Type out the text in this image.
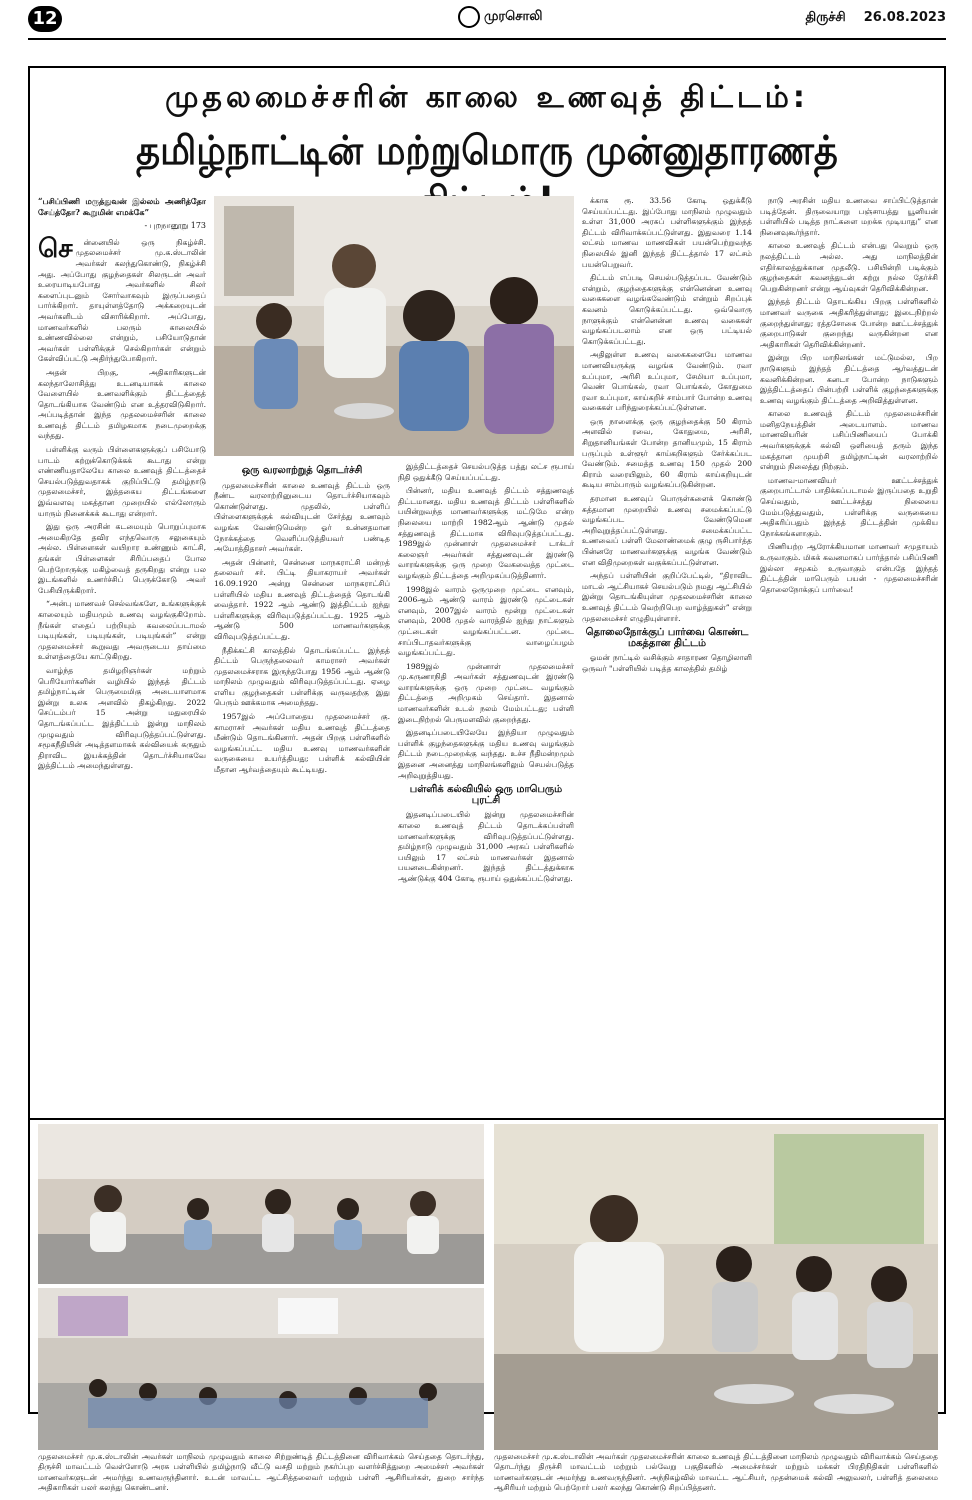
12	முரசொலி	திருச்சி 26.08.2023
முதலமைச்சரின் காலை உணவுத் திட்டம்:
தமிழ்நாட்டின் மற்றுமொரு முன்னுதாரணத்
“பசிப்பிணி மருத்துவன் இல்லம் அணித்தோ சேய்த்தோ? கூறுமின் எமக்கே”
- புறநானூறு 173
செ	ன்னையில் ஒரு நிகழ்ச்சி. முதலமைச்சர் மு.க.ஸ்டாலின் அவர்கள் கலந்துகொண்டு, நிகழ்ச்சி அது. அப்போது குழந்தைகள் சிலருடன் அவர் உரையாடியபோது அவர்களில் சிலர் களைப்புடனும் சோர்வாகவும் இருப்பதைப் பார்க்கிறார். தாயுள்ளத்தோடு அக்கறையுடன் அவர்களிடம் விசாரிக்கிறார். அப்போது, மாணவர்களில் பலரும் காலையில் உண்ணவில்லை என்றும், பசியோடுதான் அவர்கள் பள்ளிக்குச் செல்கிறார்கள் என்றும் கேள்விப்பட்டு அதிர்ந்துபோகிறார்.

அதன் பிறகு, அதிகாரிகளுடன் கலந்தாலோசித்து உடனடியாகக் காலை வேளையில் உணவளிக்கும் திட்டத்தைத் தொடங்கியாக வேண்டும் என உத்தரவிடுகிறார். அப்படித்தான் இந்த முதலமைச்சரின் காலை உணவுத் திட்டம் தமிழகமாக நடைமுறைக்கு வந்தது.

பள்ளிக்கு வரும் பிள்ளைகளுக்குப் பசியோடு பாடம் கற்றுக்கொடுக்கக் கூடாது என்று எண்ணியதாலேயே காலை உணவுத் திட்டத்தைச் செயல்படுத்துவதாகக் குறிப்பிட்டு தமிழ்நாடு முதலமைச்சர், இத்தகைய திட்டங்களை இவ்வளவு மகத்தான முறையில் எல்லோரும் யாரும் நினைக்கக் கூடாது என்றார்.

இது ஒரு அரசின் கடமையும் பொறுப்புமாக அமைகிறதே தவிர எந்தவொரு சலுகையும் அல்ல. பிள்ளைகள் வயிறார உண்ணும் காட்சி, தங்கள் பிள்ளைகள் சிரிப்பதைப் போல பெற்றோருக்கு மகிழ்வைத் தருகிறது என்று பல இடங்களில் உணர்ச்சிப் பெருக்கோடு அவர் பேசியிருக்கிறார்.

“அன்பு மாணவச் செல்வங்களே, உங்களுக்குக் காலையும் மதியமும் உணவு வழங்குகிறோம். நீங்கள் எதைப் பற்றியும் கவலைப்படாமல் படியுங்கள், படியுங்கள், படியுங்கள்” என்று முதலமைச்சர் கூறுவது அவருடைய தாய்மை உள்ளத்தையே காட்டுகிறது.

வாழ்ந்த தமிழறிஞர்கள் மற்றும் பெரியோர்களின் வழியில் இந்தத் திட்டம் தமிழ்நாட்டின் பெருமைமிகு அடையாளமாக இன்று உலக அளவில் திகழ்கிறது. 2022 செப்டம்பர் 15 அன்று மதுரையில் தொடங்கப்பட்ட இத்திட்டம் இன்று மாநிலம் முழுவதும் விரிவுபடுத்தப்பட்டுள்ளது. சமூகநீதியின் அடித்தளமாகக் கல்வியைக் கருதும் திராவிட இயக்கத்தின் தொடர்ச்சியாகவே இத்திட்டம் அமைந்துள்ளது.

ஒரு வரலாற்றுத் தொடர்ச்சி

முதலமைச்சரின் காலை உணவுத் திட்டம் ஒரு நீண்ட வரலாற்றினுடைய தொடர்ச்சியாகவும் கொண்டுள்ளது. முதலில், பள்ளிப் பிள்ளைகளுக்குக் கல்வியுடன் சேர்த்து உணவும் வழங்க வேண்டுமென்ற ஓர் உன்னதமான நோக்கத்தை வெளிப்படுத்தியவர் பண்டித அயோத்திதாசர் அவர்கள்.

அதன் பின்னர், சென்னை மாநகராட்சி மன்றத் தலைவர் சர். பிட்டி தியாகராயர் அவர்கள் 16.09.1920 அன்று சென்னை மாநகராட்சிப் பள்ளியில் மதிய உணவுத் திட்டத்தைத் தொடங்கி வைத்தார். 1922 ஆம் ஆண்டு இத்திட்டம் ஐந்து பள்ளிகளுக்கு விரிவுபடுத்தப்பட்டது. 1925 ஆம் ஆண்டு 500 மாணவர்களுக்கு விரிவுபடுத்தப்பட்டது.

நீதிக்கட்சி காலத்தில் தொடங்கப்பட்ட இந்தத் திட்டம் பெருந்தலைவர் காமராசர் அவர்கள் முதலமைச்சராக இருந்தபோது 1956 ஆம் ஆண்டு மாநிலம் முழுவதும் விரிவுபடுத்தப்பட்டது. ஏழை எளிய குழந்தைகள் பள்ளிக்கு வருவதற்கு இது பெரும் ஊக்கமாக அமைந்தது.

1957இல் அப்போதைய முதலமைச்சர் கு. காமராசர் அவர்கள் மதிய உணவுத் திட்டத்தை மீண்டும் தொடங்கினார். அதன் பிறகு பள்ளிகளில் வழங்கப்பட்ட மதிய உணவு மாணவர்களின் வருகையை உயர்த்தியது; பள்ளிக் கல்வியின் மீதான ஆர்வத்தையும் கூட்டியது.

இத்திட்டத்தைச் செயல்படுத்த பத்து லட்ச ரூபாய் நிதி ஒதுக்கீடு செய்யப்பட்டது.

பின்னர், மதிய உணவுத் திட்டம் சத்துணவுத் திட்டமானது. மதிய உணவுத் திட்டம் பள்ளிகளில் பயின்றுவந்த மாணவர்களுக்கு மட்டுமே என்ற நிலையை மாற்றி 1982ஆம் ஆண்டு முதல் சத்துணவுத் திட்டமாக விரிவுபடுத்தப்பட்டது. 1989இல் முன்னாள் முதலமைச்சர் டாக்டர் கலைஞர் அவர்கள் சத்துணவுடன் இரண்டு வாரங்களுக்கு ஒரு முறை வேகவைத்த முட்டை வழங்கும் திட்டத்தை அறிமுகப்படுத்தினார்.

1998இல் வாரம் ஒருமுறை முட்டை எனவும், 2006ஆம் ஆண்டு வாரம் இரண்டு முட்டைகள் எனவும், 2007இல் வாரம் மூன்று முட்டைகள் எனவும், 2008 முதல் வாரத்தில் ஐந்து நாட்களும் முட்டைகள் வழங்கப்பட்டன. முட்டை சாப்பிடாதவர்களுக்கு வாழைப்பழம் வழங்கப்பட்டது.

1989இல் முன்னாள் முதலமைச்சர் மு.கருணாநிதி அவர்கள் சத்துணவுடன் இரண்டு வாரங்களுக்கு ஒரு முறை முட்டை வழங்கும் திட்டத்தை அறிமுகம் செய்தார். இதனால் மாணவர்களின் உடல் நலம் மேம்பட்டது; பள்ளி இடைநிற்றல் பெருமளவில் குறைந்தது.

இதனடிப்படையிலேயே இந்தியா முழுவதும் பள்ளிக் குழந்தைகளுக்கு மதிய உணவு வழங்கும் திட்டம் நடைமுறைக்கு வந்தது. உச்ச நீதிமன்றமும் இதனை அனைத்து மாநிலங்களிலும் செயல்படுத்த அறிவுறுத்தியது.

பள்ளிக் கல்வியில் ஒரு மாபெரும் புரட்சி

இதனடிப்படையில் இன்று முதலமைச்சரின் காலை உணவுத் திட்டம் தொடக்கப்பள்ளி மாணவர்களுக்கு விரிவுபடுத்தப்பட்டுள்ளது. தமிழ்நாடு முழுவதும் 31,000 அரசுப் பள்ளிகளில் பயிலும் 17 லட்சம் மாணவர்கள் இதனால் பயனடைகின்றனர். இந்தத் திட்டத்துக்காக ஆண்டுக்கு 404 கோடி ரூபாய் ஒதுக்கப்பட்டுள்ளது.

க்காக ரூ. 33.56 கோடி ஒதுக்கீடு செய்யப்பட்டது. இப்போது மாநிலம் முழுவதும் உள்ள 31,000 அரசுப் பள்ளிகளுக்கும் இந்தத் திட்டம் விரிவாக்கப்பட்டுள்ளது. இதுவரை 1.14 லட்சம் மாணவ மாணவிகள் பயன்பெற்றுவந்த நிலையில் இனி இந்தத் திட்டத்தால் 17 லட்சம் பயன்பெறுவர்.

திட்டம் எப்படி செயல்படுத்தப்பட வேண்டும் என்றும், குழந்தைகளுக்கு என்னென்ன உணவு வகைகளை வழங்கவேண்டும் என்றும் சிறப்புக் கவனம் கொடுக்கப்பட்டது. ஒவ்வொரு நாளுக்கும் என்னென்ன உணவு வகைகள் வழங்கப்படலாம் என ஒரு பட்டியல் கொடுக்கப்பட்டது.

அதிலுள்ள உணவு வகைகளையே மாணவ மாணவியருக்கு வழங்க வேண்டும். ரவா உப்புமா, அரிசி உப்புமா, சேமியா உப்புமா, வெண் பொங்கல், ரவா பொங்கல், கோதுமை ரவா உப்புமா, காய்கறிச் சாம்பார் போன்ற உணவு வகைகள் பரிந்துரைக்கப்பட்டுள்ளன.

ஒரு நாளைக்கு ஒரு குழந்தைக்கு 50 கிராம் அளவில் ரவை, கோதுமை, அரிசி, சிறுதானியங்கள் போன்ற தானியமும், 15 கிராம் பருப்பும் உள்ளூர் காய்கறிகளும் சேர்க்கப்பட வேண்டும். சமைத்த உணவு 150 முதல் 200 கிராம் வரையிலும், 60 கிராம் காய்கறியுடன் கூடிய சாம்பாரும் வழங்கப்படுகின்றன.

தரமான உணவுப் பொருள்களைக் கொண்டு சுத்தமான முறையில் உணவு சமைக்கப்பட்டு வழங்கப்பட வேண்டுமென அறிவுறுத்தப்பட்டுள்ளது. சமைக்கப்பட்ட உணவைப் பள்ளி மேலாண்மைக் குழு ருசிபார்த்த பின்னரே மாணவர்களுக்கு வழங்க வேண்டும் என விதிமுறைகள் வகுக்கப்பட்டுள்ளன.

அந்தப் பள்ளியின் குறிப்பேட்டில், “திராவிட மாடல் ஆட்சியாகச் செயல்படும் நமது ஆட்சியில் இன்று தொடங்கியுள்ள முதலமைச்சரின் காலை உணவுத் திட்டம் வெற்றிபெற வாழ்த்துகள்” என்று முதலமைச்சர் எழுதியுள்ளார்.

தொலைநோக்குப் பார்வை கொண்ட மகத்தான திட்டம்

ஓமன் நாட்டில் வசிக்கும் சாதாரண தொழிலாளி ஒருவர் "பள்ளியில் படித்த காலத்தில் தமிழ்

நாடு அரசின் மதிய உணவை சாப்பிட்டுத்தான் படித்தேன். திருவையாறு பஞ்சாயத்து யூனியன் பள்ளியில் படித்த நாட்களை மறக்க முடியாது” என நினைவுகூர்ந்தார்.

காலை உணவுத் திட்டம் என்பது வெறும் ஒரு நலத்திட்டம் அல்ல. அது மாநிலத்தின் எதிர்காலத்துக்கான முதலீடு. பசியின்றி படிக்கும் குழந்தைகள் கவனத்துடன் கற்று நல்ல தேர்ச்சி பெறுகின்றனர் என்று ஆய்வுகள் தெரிவிக்கின்றன.

இந்தத் திட்டம் தொடங்கிய பிறகு பள்ளிகளில் மாணவர் வருகை அதிகரித்துள்ளது; இடைநிற்றல் குறைந்துள்ளது; ரத்தசோகை போன்ற ஊட்டச்சத்துக் குறைபாடுகள் குறைந்து வருகின்றன என அதிகாரிகள் தெரிவிக்கின்றனர்.

இன்று பிற மாநிலங்கள் மட்டுமல்ல, பிற நாடுகளும் இந்தத் திட்டத்தை ஆர்வத்துடன் கவனிக்கின்றன. கனடா போன்ற நாடுகளும் இத்திட்டத்தைப் பின்பற்றி பள்ளிக் குழந்தைகளுக்கு உணவு வழங்கும் திட்டத்தை அறிவித்துள்ளன.

காலை உணவுத் திட்டம் முதலமைச்சரின் மனிதநேயத்தின் அடையாளம். மாணவ மாணவியரின் பசிப்பிணியைப் போக்கி அவர்களுக்குக் கல்வி ஒளியைத் தரும் இந்த மகத்தான முயற்சி தமிழ்நாட்டின் வரலாற்றில் என்றும் நிலைத்து நிற்கும்.

மாணவ-மாணவியர் ஊட்டச்சத்துக் குறைபாட்டால் பாதிக்கப்படாமல் இருப்பதை உறுதி செய்வதும், ஊட்டச்சத்து நிலையை மேம்படுத்துவதும், பள்ளிக்கு வருகையை அதிகரிப்பதும் இந்தத் திட்டத்தின் முக்கிய நோக்கங்களாகும்.

பிணியற்ற ஆரோக்கியமான மாணவர் சமுதாயம் உருவாகும். மிகக் கவனமாகப் பார்த்தால் பசிப்பிணி இல்லா சமூகம் உருவாகும் என்பதே இந்தத் திட்டத்தின் மாபெரும் பயன் - முதலமைச்சரின் தொலைநோக்குப் பார்வை!

முதலமைச்சர் மு.க.ஸ்டாலின் அவர்கள் மாநிலம் முழுவதும் காலை சிற்றுண்டித் திட்டத்தினை விரிவாக்கம் செய்ததை தொடர்ந்து, திருச்சி மாவட்டம் வெள்ளோடு அரசு பள்ளியில் தமிழ்நாடு வீட்டு வசதி மற்றும் நகர்ப்புற வளர்ச்சித்துறை அமைச்சர் அவர்கள் மாணவர்களுடன் அமர்ந்து உணவருந்தினார். உடன் மாவட்ட ஆட்சித்தலைவர் மற்றும் பள்ளி ஆசிரியர்கள், துறை சார்ந்த அதிகாரிகள் பலர் கலந்து கொண்டனர்.
முதலமைச்சர் மு.க.ஸ்டாலின் அவர்கள் முதலமைச்சரின் காலை உணவுத் திட்டத்தினை மாநிலம் முழுவதும் விரிவாக்கம் செய்ததை தொடர்ந்து திருச்சி மாவட்டம் மற்றும் பல்வேறு பகுதிகளில் அமைச்சர்கள் மற்றும் மக்கள் பிரதிநிதிகள் பள்ளிகளில் மாணவர்களுடன் அமர்ந்து உணவருந்தினர். அந்நிகழ்வில் மாவட்ட ஆட்சியர், முதன்மைக் கல்வி அலுவலர், பள்ளித் தலைமை ஆசிரியர் மற்றும் பெற்றோர் பலர் கலந்து கொண்டு சிறப்பித்தனர்.
